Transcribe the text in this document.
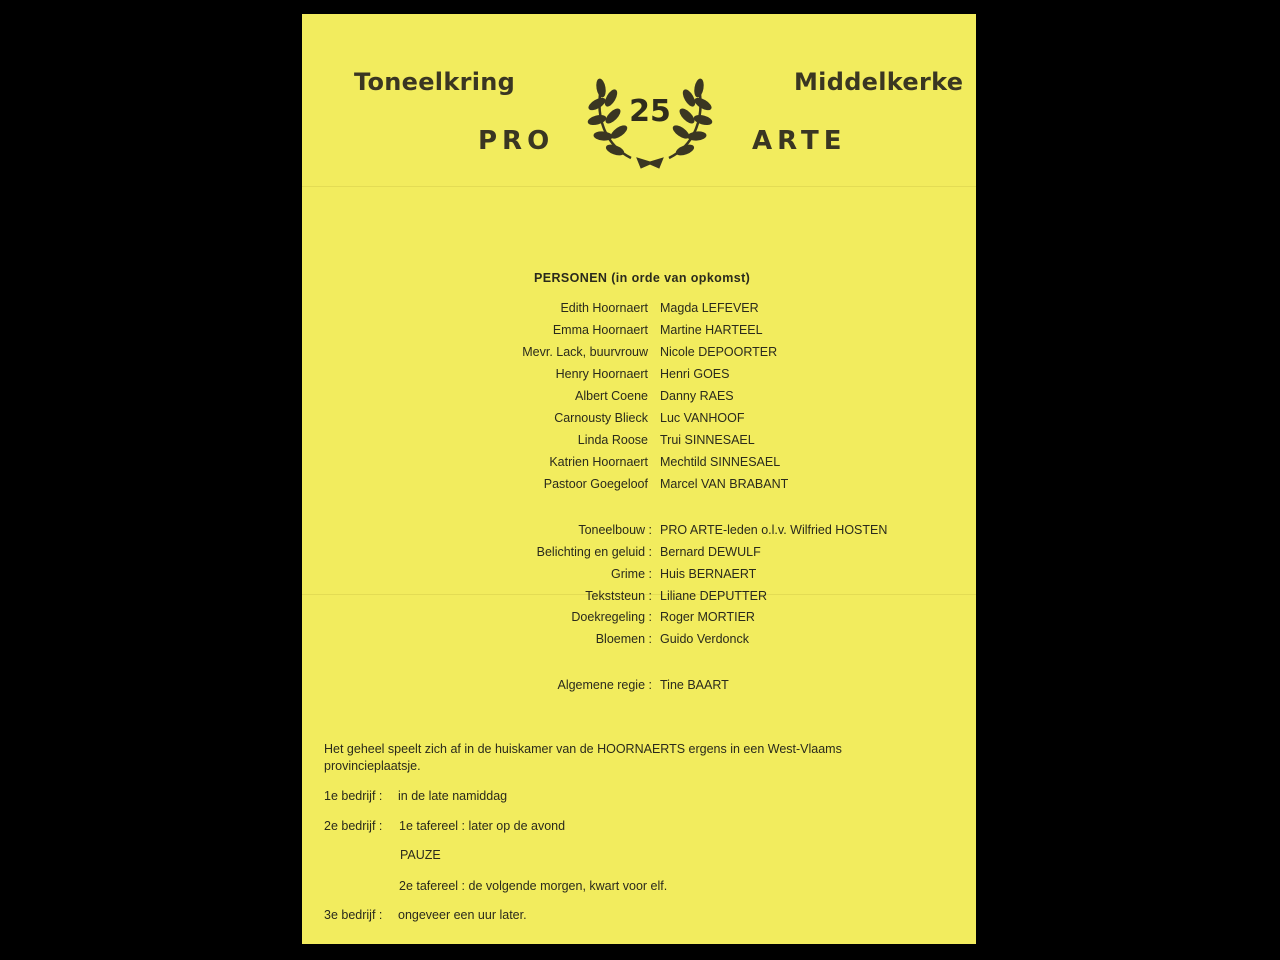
Toneelkring	Middelkerke
PRO	ARTE
25
PERSONEN (in orde van opkomst)
Edith Hoornaert Magda LEFEVER
Emma Hoornaert Martine HARTEEL
Mevr. Lack, buurvrouw Nicole DEPOORTER
Henry Hoornaert Henri GOES
Albert Coene Danny RAES
Carnousty Blieck Luc VANHOOF
Linda Roose Trui SINNESAEL
Katrien Hoornaert Mechtild SINNESAEL
Pastoor Goegeloof Marcel VAN BRABANT
Toneelbouw : PRO ARTE-leden o.l.v. Wilfried HOSTEN
Belichting en geluid : Bernard DEWULF
Grime : Huis BERNAERT
Tekststeun : Liliane DEPUTTER
Doekregeling : Roger MORTIER
Bloemen : Guido Verdonck
Algemene regie : Tine BAART
Het geheel speelt zich af in de huiskamer van de HOORNAERTS ergens in een West-Vlaams provincieplaatsje.
1e bedrijf : in de late namiddag
2e bedrijf : 1e tafereel : later op de avond
PAUZE
2e tafereel : de volgende morgen, kwart voor elf.
3e bedrijf : ongeveer een uur later.
